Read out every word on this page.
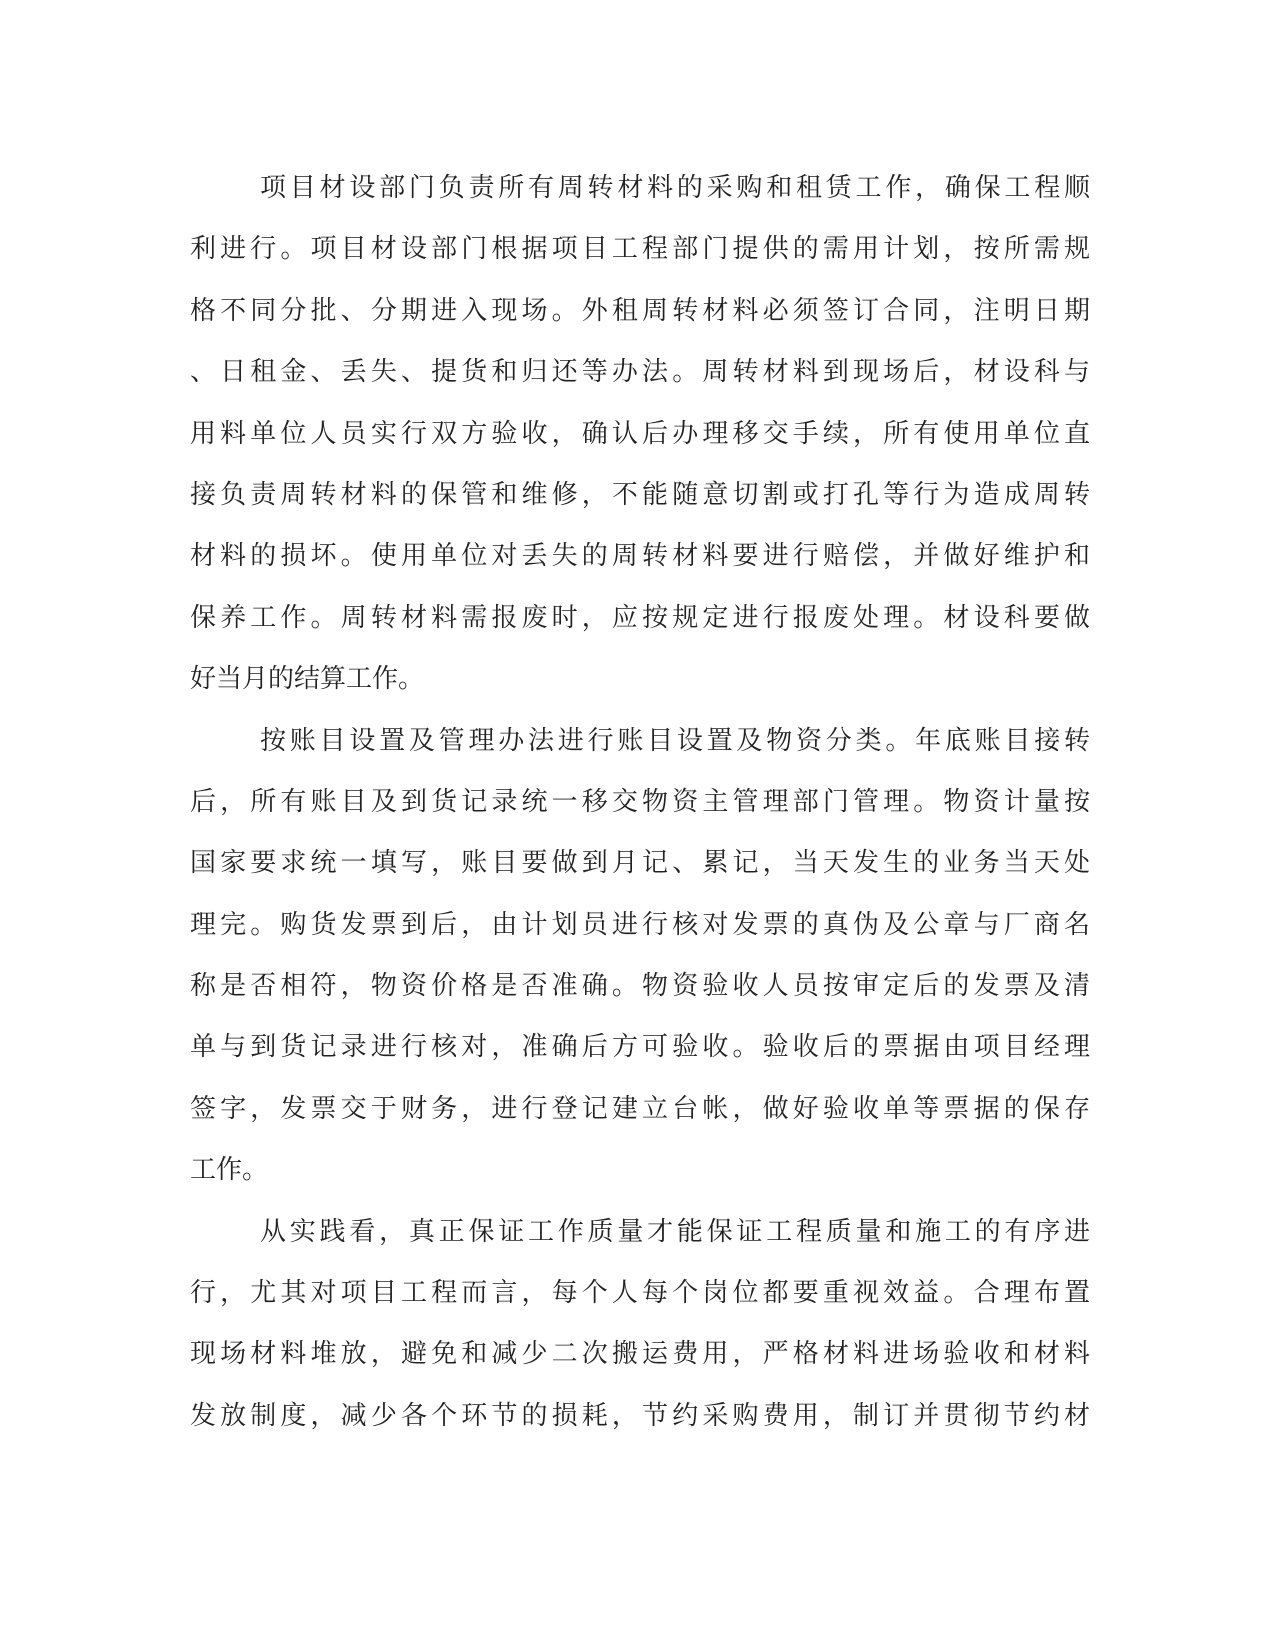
项目材设部门负责所有周转材料的采购和租赁工作，确保工程顺
利进行。项目材设部门根据项目工程部门提供的需用计划，按所需规
格不同分批、分期进入现场。外租周转材料必须签订合同，注明日期
、日租金、丢失、提货和归还等办法。周转材料到现场后，材设科与
用料单位人员实行双方验收，确认后办理移交手续，所有使用单位直
接负责周转材料的保管和维修，不能随意切割或打孔等行为造成周转
材料的损坏。使用单位对丢失的周转材料要进行赔偿，并做好维护和
保养工作。周转材料需报废时，应按规定进行报废处理。材设科要做
好当月的结算工作。
按账目设置及管理办法进行账目设置及物资分类。年底账目接转
后，所有账目及到货记录统一移交物资主管理部门管理。物资计量按
国家要求统一填写，账目要做到月记、累记，当天发生的业务当天处
理完。购货发票到后，由计划员进行核对发票的真伪及公章与厂商名
称是否相符，物资价格是否准确。物资验收人员按审定后的发票及清
单与到货记录进行核对，准确后方可验收。验收后的票据由项目经理
签字，发票交于财务，进行登记建立台帐，做好验收单等票据的保存
工作。
从实践看，真正保证工作质量才能保证工程质量和施工的有序进
行，尤其对项目工程而言，每个人每个岗位都要重视效益。合理布置
现场材料堆放，避免和减少二次搬运费用，严格材料进场验收和材料
发放制度，减少各个环节的损耗，节约采购费用，制订并贯彻节约材
